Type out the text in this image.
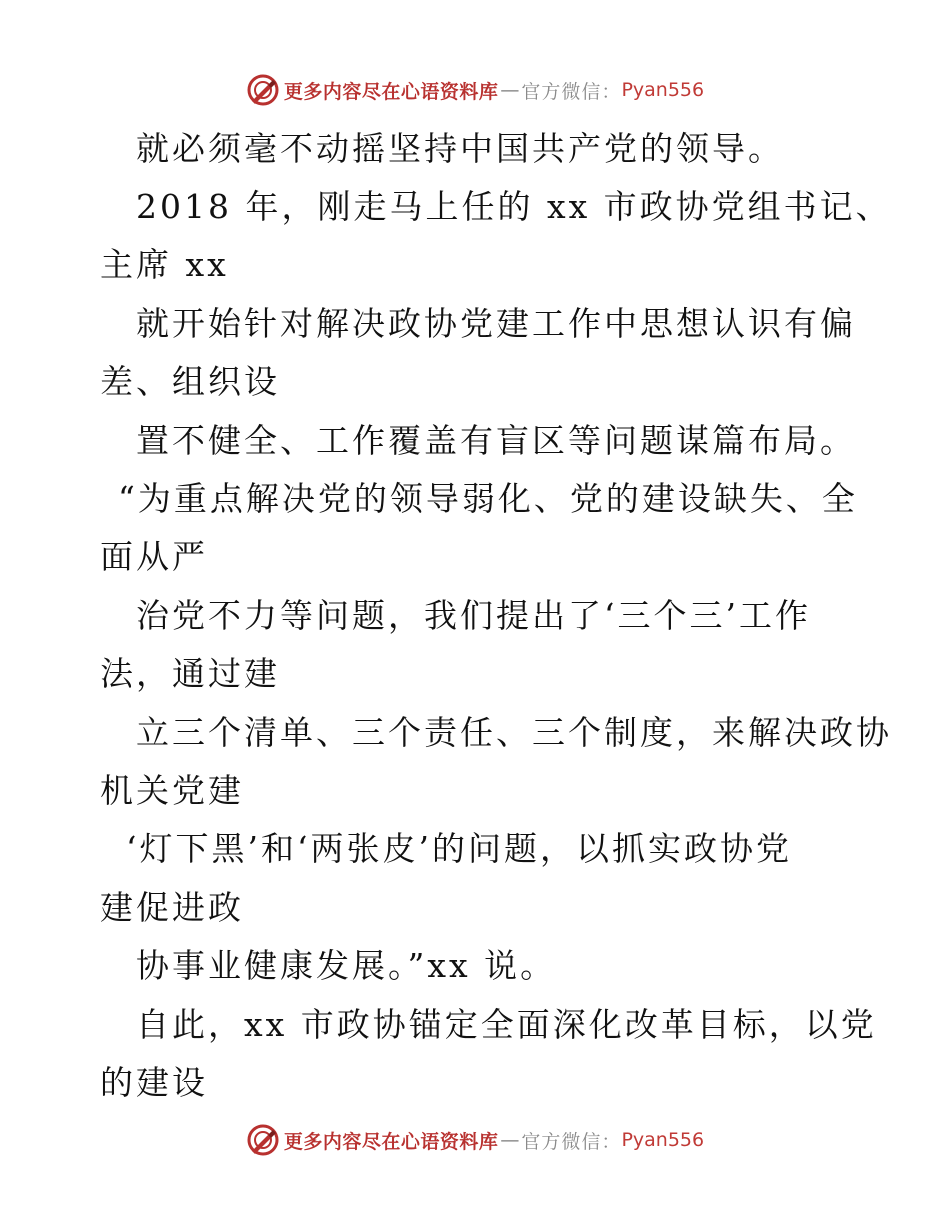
更多内容尽在心语资料库 — 官方微信： Pyan556
就必须毫不动摇坚持中国共产党的领导。
2018 年，刚走马上任的 xx 市政协党组书记、
主席 xx
就开始针对解决政协党建工作中思想认识有偏
差、组织设
置不健全、工作覆盖有盲区等问题谋篇布局。
“为重点解决党的领导弱化、党的建设缺失、全
面从严
治党不力等问题，我们提出了‘三个三’工作
法，通过建
立三个清单、三个责任、三个制度，来解决政协
机关党建
‘灯下黑’和‘两张皮’的问题，以抓实政协党
建促进政
协事业健康发展。”xx 说。
自此，xx 市政协锚定全面深化改革目标，以党
的建设
更多内容尽在心语资料库 — 官方微信： Pyan556
